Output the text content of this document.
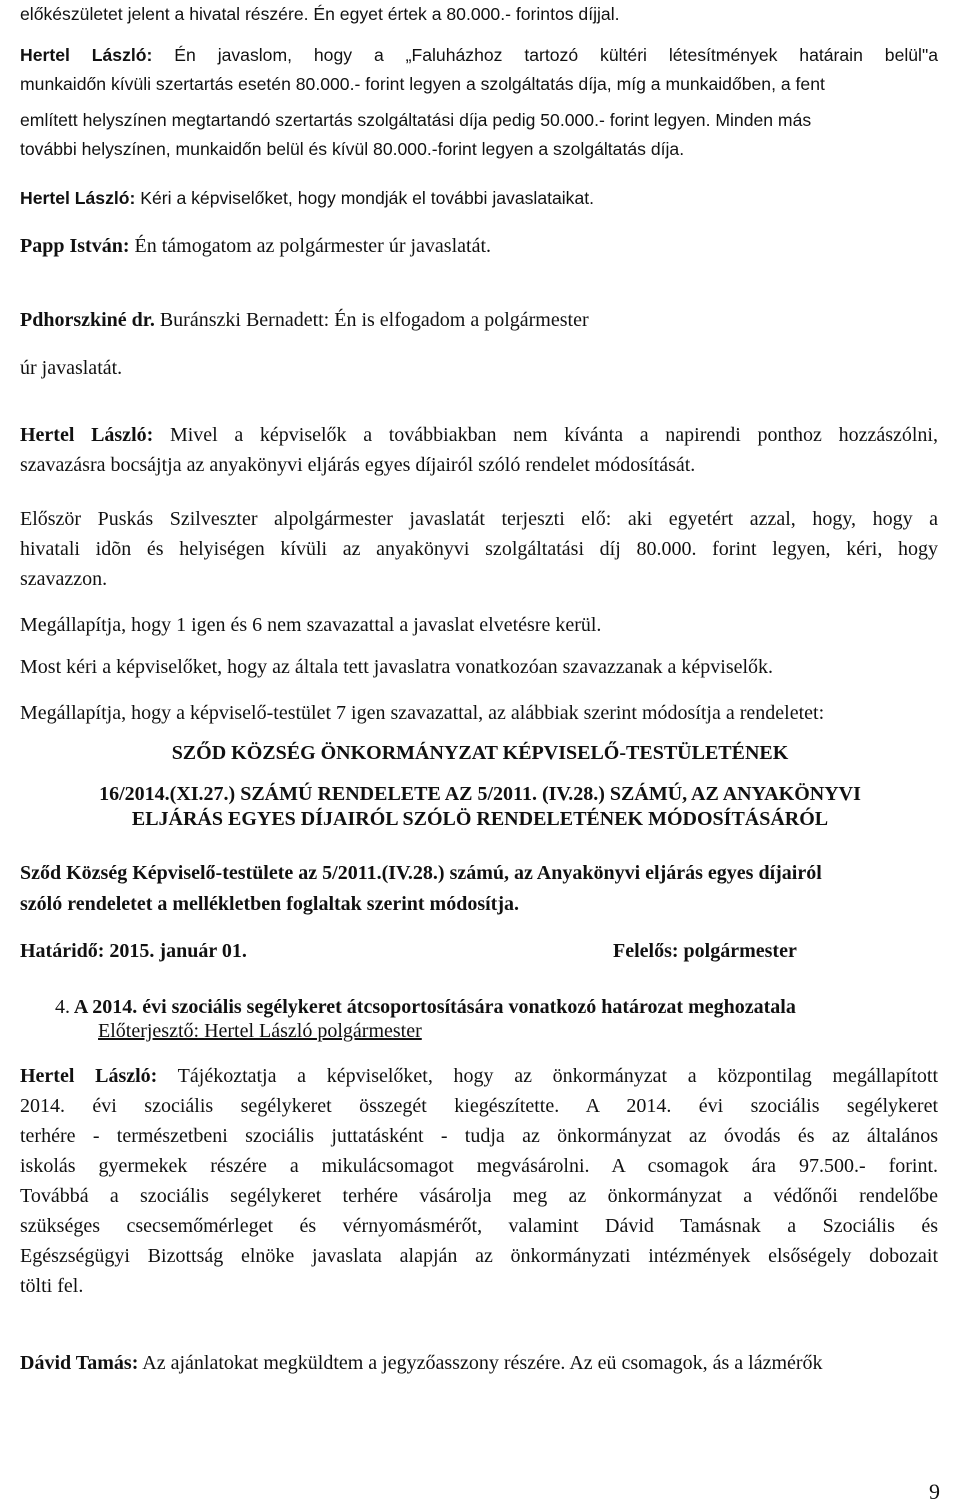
előkészületet jelent a hivatal részére. Én egyet értek a 80.000.- forintos díjjal.

Hertel László: Én javaslom, hogy a „Faluházhoz tartozó kültéri létesítmények határain belül"a

munkaidőn kívüli szertartás esetén 80.000.- forint legyen a szolgáltatás díja, míg a munkaidőben, a fent

említett helyszínen megtartandó szertartás szolgáltatási díja pedig 50.000.- forint legyen. Minden más

további helyszínen, munkaidőn belül és kívül 80.000.-forint legyen a szolgáltatás díja.

Hertel László: Kéri a képviselőket, hogy mondják el további javaslataikat.

Papp István: Én támogatom az polgármester úr javaslatát.

Pdhorszkiné dr. Buránszki Bernadett: Én is elfogadom a polgármester

úr javaslatát.

Hertel László: Mivel a képviselők a továbbiakban nem kívánta a napirendi ponthoz hozzászólni,

szavazásra bocsájtja az anyakönyvi eljárás egyes díjairól szóló rendelet módosítását.

Először Puskás Szilveszter alpolgármester javaslatát terjeszti elő: aki egyetért azzal, hogy, hogy a

hivatali idõn és helyiségen kívüli az anyakönyvi szolgáltatási díj 80.000. forint legyen, kéri, hogy

szavazzon.

Megállapítja, hogy 1 igen és 6 nem szavazattal a javaslat elvetésre kerül.

Most kéri a képviselőket, hogy az általa tett javaslatra vonatkozóan szavazzanak a képviselők.

Megállapítja, hogy a képviselő-testület 7 igen szavazattal, az alábbiak szerint módosítja a rendeletet:

SZŐD KÖZSÉG ÖNKORMÁNYZAT KÉPVISELŐ-TESTÜLETÉNEK
16/2014.(XI.27.) SZÁMÚ RENDELETE AZ 5/2011. (IV.28.) SZÁMÚ, AZ ANYAKÖNYVI
ELJÁRÁS EGYES DÍJAIRÓL SZÓLÖ RENDELETÉNEK MÓDOSÍTÁSÁRÓL

Sződ Község Képviselő-testülete az 5/2011.(IV.28.) számú, az Anyakönyvi eljárás egyes díjairól

szóló rendeletet a mellékletben foglaltak szerint módosítja.

Határidő: 2015. január 01.	Felelős: polgármester

4. A 2014. évi szociális segélykeret átcsoportosítására vonatkozó határozat meghozatala

Előterjesztő: Hertel László polgármester

Hertel László: Tájékoztatja a képviselőket, hogy az önkormányzat a központilag megállapított

2014. évi szociális segélykeret összegét kiegészítette. A 2014. évi szociális segélykeret

terhére - természetbeni szociális juttatásként - tudja az önkormányzat az óvodás és az általános

iskolás gyermekek részére a mikulácsomagot megvásárolni. A csomagok ára 97.500.- forint.

Továbbá a szociális segélykeret terhére vásárolja meg az önkormányzat a védőnői rendelőbe

szükséges csecsemőmérleget és vérnyomásmérőt, valamint Dávid Tamásnak a Szociális és

Egészségügyi Bizottság elnöke javaslata alapján az önkormányzati intézmények elsőségely dobozait

tölti fel.

Dávid Tamás: Az ajánlatokat megküldtem a jegyzőasszony részére. Az eü csomagok, ás a lázmérők

9
